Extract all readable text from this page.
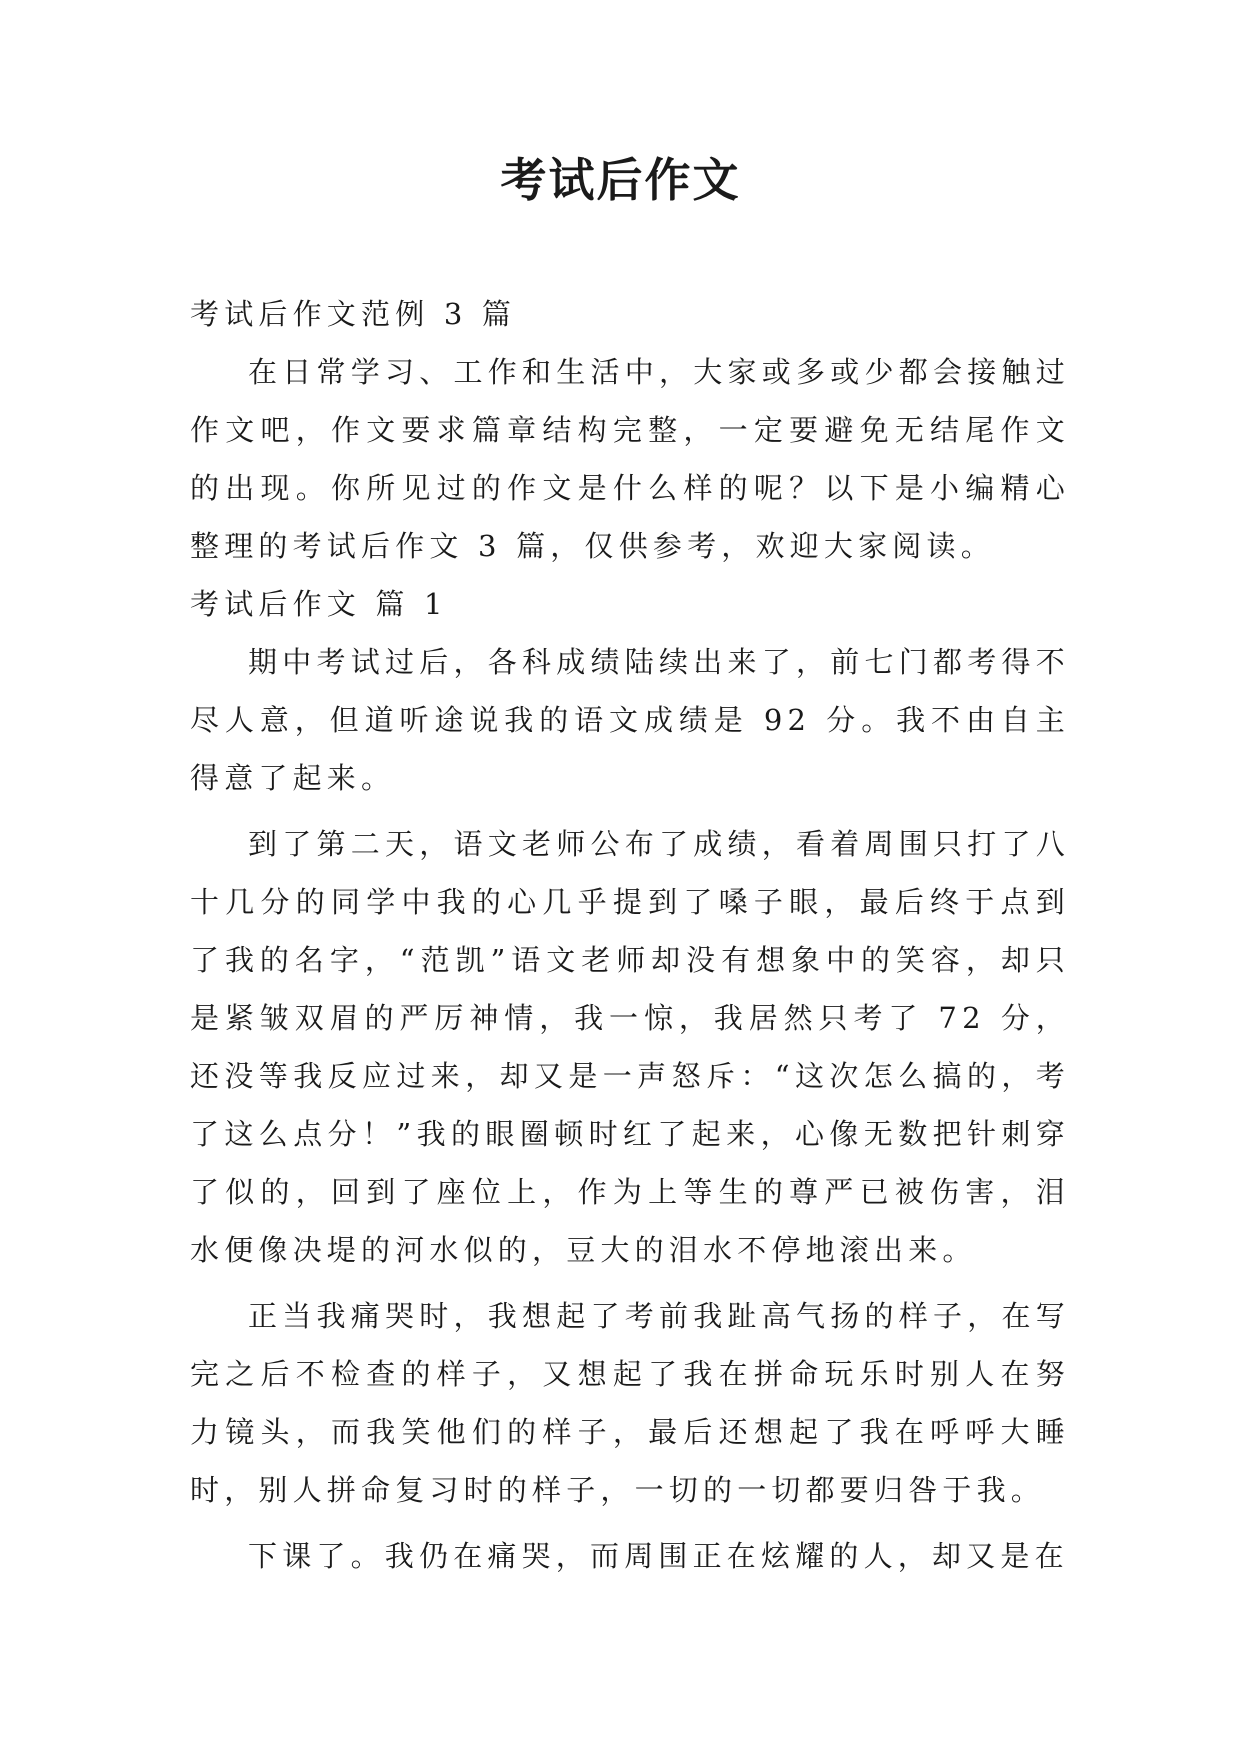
考试后作文

考试后作文范例 3 篇

在日常学习、工作和生活中，大家或多或少都会接触过作文吧，作文要求篇章结构完整，一定要避免无结尾作文的出现。你所见过的作文是什么样的呢？以下是小编精心整理的考试后作文 3 篇，仅供参考，欢迎大家阅读。

考试后作文 篇 1

期中考试过后，各科成绩陆续出来了，前七门都考得不尽人意，但道听途说我的语文成绩是 92 分。我不由自主得意了起来。

到了第二天，语文老师公布了成绩，看着周围只打了八十几分的同学中我的心几乎提到了嗓子眼，最后终于点到了我的名字，“范凯”语文老师却没有想象中的笑容，却只是紧皱双眉的严厉神情，我一惊，我居然只考了 72 分，还没等我反应过来，却又是一声怒斥：“这次怎么搞的，考了这么点分！”我的眼圈顿时红了起来，心像无数把针刺穿了似的，回到了座位上，作为上等生的尊严已被伤害，泪水便像决堤的河水似的，豆大的泪水不停地滚出来。

正当我痛哭时，我想起了考前我趾高气扬的样子，在写完之后不检查的样子，又想起了我在拼命玩乐时别人在努力镜头，而我笑他们的样子，最后还想起了我在呼呼大睡时，别人拼命复习时的样子，一切的一切都要归咎于我。

下课了。我仍在痛哭，而周围正在炫耀的人，却又是在
